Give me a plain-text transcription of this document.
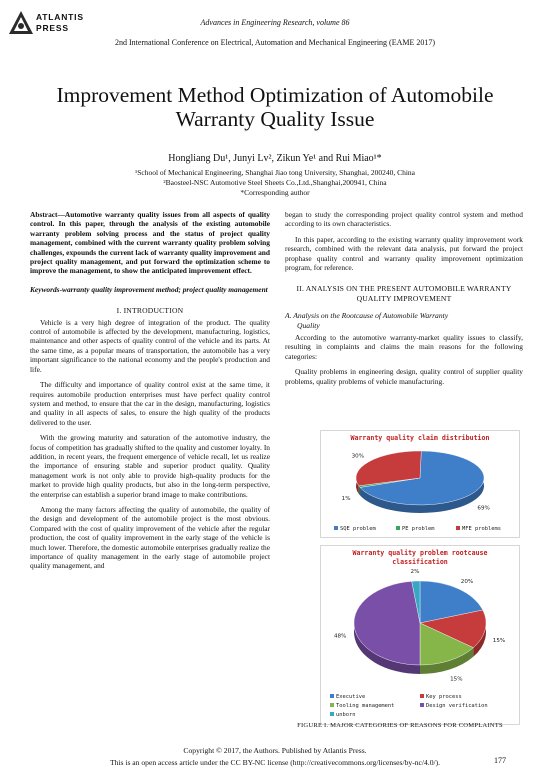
ATLANTIS
PRESS
Advances in Engineering Research, volume 86
2nd International Conference on Electrical, Automation and Mechanical Engineering (EAME 2017)
Improvement Method Optimization of Automobile
Warranty Quality Issue
Hongliang Du¹, Junyi Lv², Zikun Ye¹ and Rui Miao¹*
¹School of Mechanical Engineering, Shanghai Jiao tong University, Shanghai, 200240, China
²Baosteel-NSC Automotive Steel Sheets Co.,Ltd.,Shanghai,200941, China
*Corresponding author
Abstract—Automotive warranty quality issues from all aspects of quality control. In this paper, through the analysis of the existing automobile warranty problem solving process and the status of project quality management, combined with the current warranty quality problem solving challenges, expounds the current lack of warranty quality improvement and project quality management, and put forward the optimization scheme to improve the management, to show the anticipated improvement effect.
Keywords-warranty quality improvement method; project quality management
I. INTRODUCTION
Vehicle is a very high degree of integration of the product. The quality control of automobile is affected by the development, manufacturing, logistics, maintenance and other aspects of quality control of the vehicle and its parts. At the same time, as a popular means of transportation, the automobile has a very important significance to the national economy and the people's production and life.
The difficulty and importance of quality control exist at the same time, it requires automobile production enterprises must have perfect quality control system and method, to ensure that the car in the design, manufacturing, logistics and quality in all aspects of sales, to ensure the high quality of the products delivered to the user.
With the growing maturity and saturation of the automotive industry, the focus of competition has gradually shifted to the quality and customer loyalty. In addition, in recent years, the frequent emergence of vehicle recall, let us realize the importance of ensuring stable and superior product quality. Quality management work is not only able to provide high-quality products for the market to provide high quality products, but also in the long-term perspective, the enterprise can establish a superior brand image to make contributions.
Among the many factors affecting the quality of automobile, the quality of the design and development of the automobile project is the most obvious. Compared with the cost of quality improvement of the vehicle after the regular production, the cost of quality improvement in the early stage of the vehicle is much lower. Therefore, the domestic automobile enterprises gradually realize the importance of quality management in the early stage of automobile project quality management, and
began to study the corresponding project quality control system and method according to its own characteristics.
In this paper, according to the existing warranty quality improvement work research, combined with the relevant data analysis, put forward the project prophase quality control and warranty quality improvement optimization program, for reference.
II. ANALYSIS ON THE PRESENT AUTOMOBILE WARRANTY
QUALITY IMPROVEMENT
A. Analysis on the Rootcause of Automobile Warranty
Quality
According to the automotive warranty-market quality issues to classify, resulting in complaints and claims the main reasons for the following categories:
Quality problems in engineering design, quality control of supplier quality problems, quality problems of vehicle manufacturing.
Warranty quality claim distribution
69%
1%
30%
SQE problem	PE problem	MFE problems

Warranty quality problem rootcause
classification
20%
15%
15%
48%
2%
Executive	Key process
Tooling management	Design verification
unborn
FIGURE I. MAJOR CATEGORIES OF REASONS FOR COMPLAINTS
Copyright © 2017, the Authors. Published by Atlantis Press.
This is an open access article under the CC BY-NC license (http://creativecommons.org/licenses/by-nc/4.0/).	177
